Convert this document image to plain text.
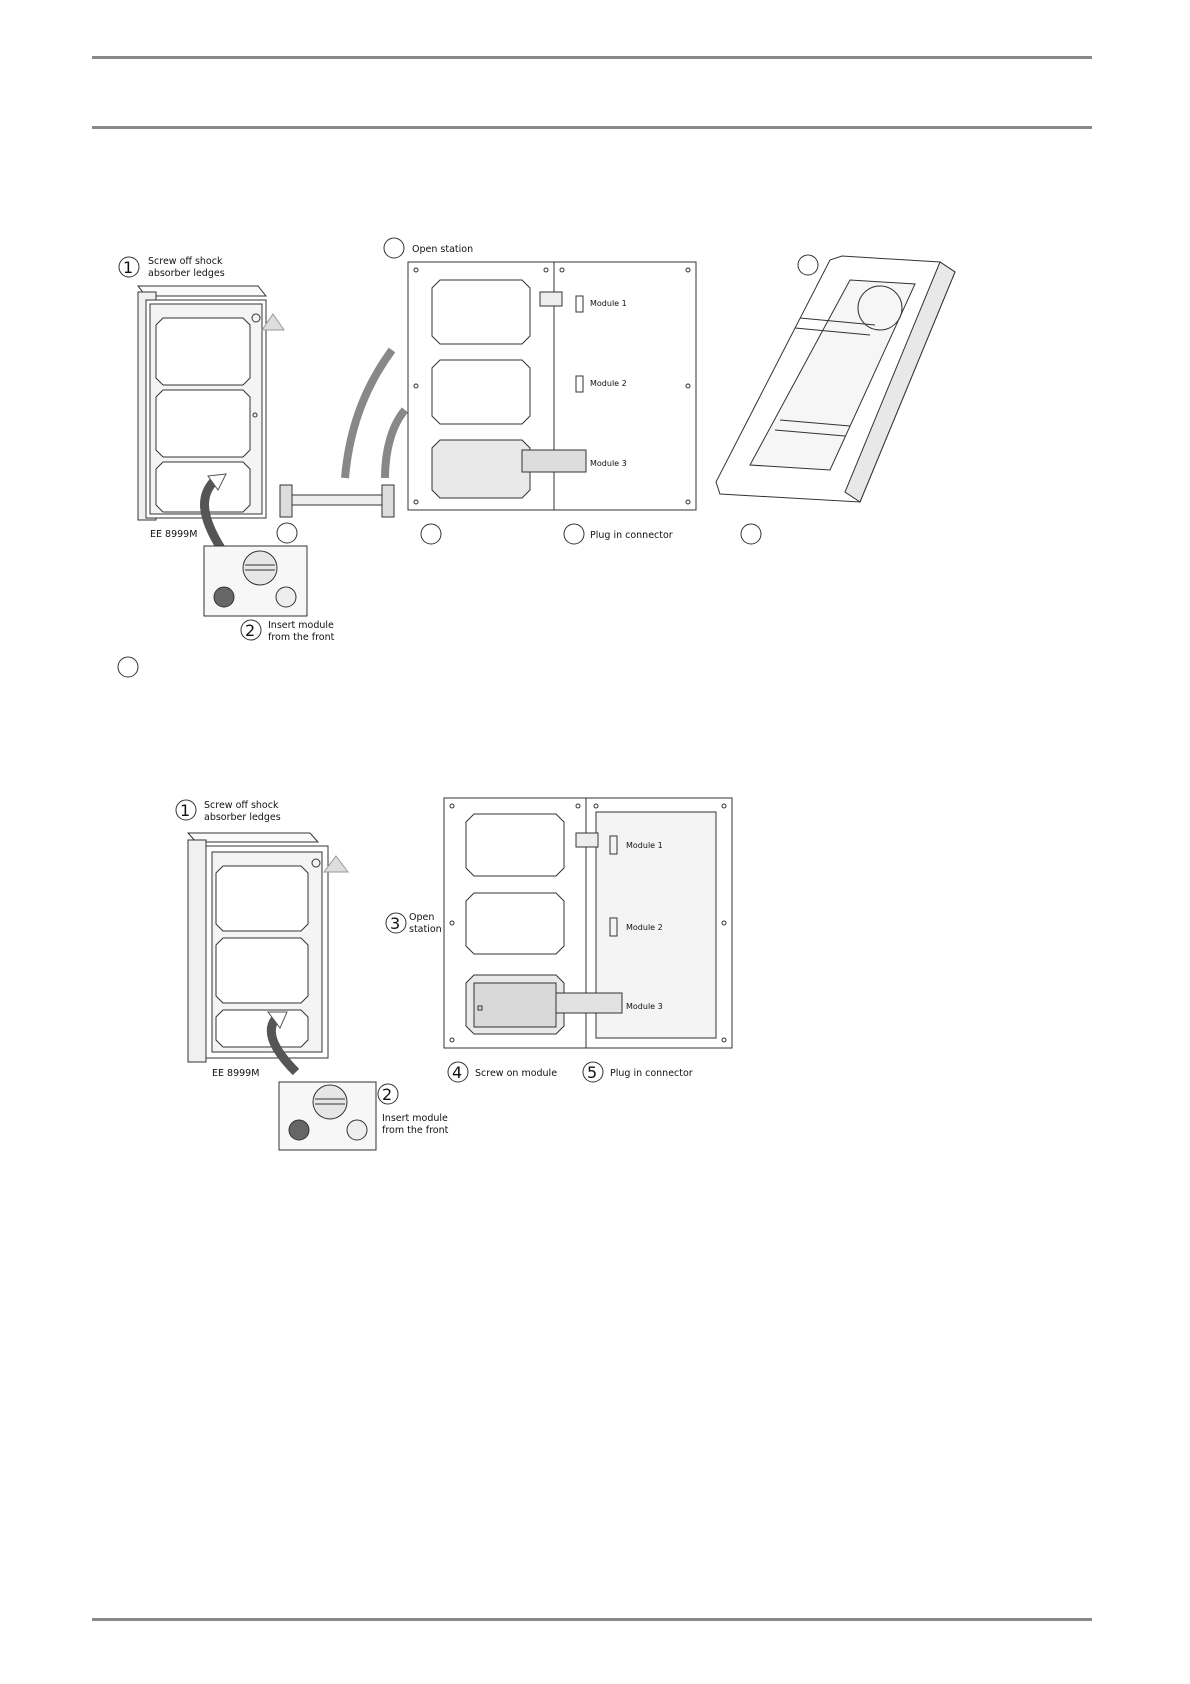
1 Screw off shock
absorber ledges
EE 8999M
2 Insert module
from the front
Open station
Module 1
Module 2
Module 3
Plug in connector
1 Screw off shock
absorber ledges
EE 8999M
2
Insert module
from the front
3 Open
station
Module 1
Module 2
Module 3
4 Screw on module 5 Plug in connector
